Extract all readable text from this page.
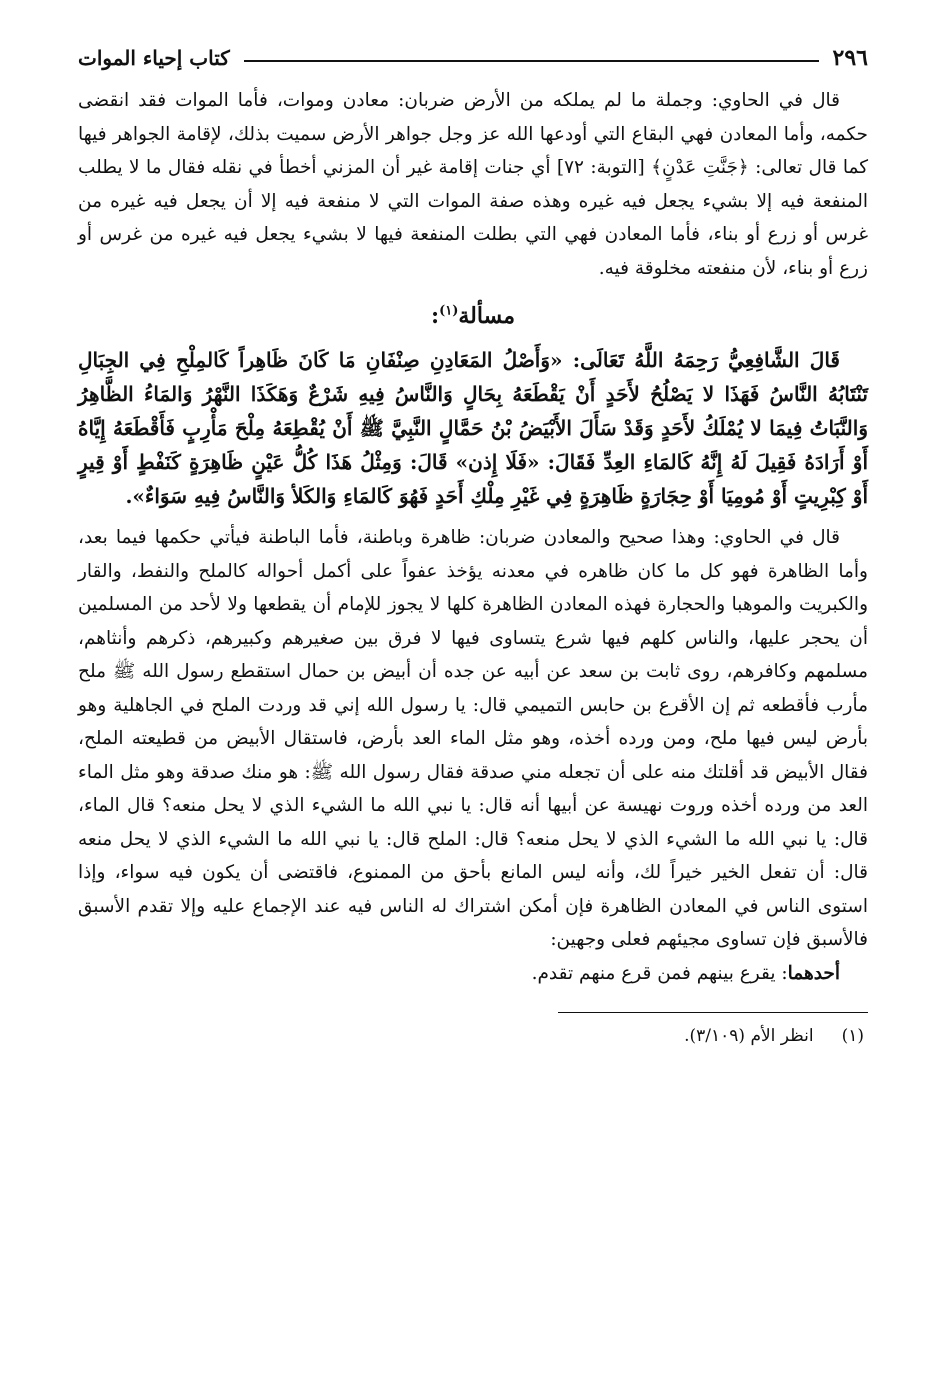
٢٩٦
كتاب إحياء الموات

قال في الحاوي: وجملة ما لم يملكه من الأرض ضربان: معادن وموات، فأما الموات فقد انقضى حكمه، وأما المعادن فهي البقاع التي أودعها الله عز وجل جواهر الأرض سميت بذلك، لإقامة الجواهر فيها كما قال تعالى: ﴿جَنَّتِ عَدْنٍ﴾ [التوبة: ٧٢] أي جنات إقامة غير أن المزني أخطأ في نقله فقال ما لا يطلب المنفعة فيه إلا بشيء يجعل فيه غيره وهذه صفة الموات التي لا منفعة فيه إلا أن يجعل فيه غيره من غرس أو زرع أو بناء، فأما المعادن فهي التي بطلت المنفعة فيها لا بشيء يجعل فيه غيره من غرس أو زرع أو بناء، لأن منفعته مخلوقة فيه.

مسألة$^{(١)}$:

قَالَ الشَّافِعِيُّ رَحِمَهُ اللَّهُ تَعَالَى: «وَأَصْلُ المَعَادِنِ صِنْفَانِ مَا كَانَ ظَاهِراً كَالمِلْحِ فِي الجِبَالِ تَنْتَابُهُ النَّاسُ فَهَذَا لا يَصْلُحُ لأَحَدٍ أَنْ يَقْطَعَهُ بِحَالٍ وَالنَّاسُ فِيهِ شَرْعٌ وَهَكَذَا النَّهْرُ وَالمَاءُ الظَّاهِرُ وَالنَّبَاتُ فِيمَا لا يُمْلَكُ لأَحَدٍ وَقَدْ سَأَلَ الأَبْيَضُ بْنُ حَمَّالٍ النَّبِيَّ ﷺ أَنْ يُقْطِعَهُ مِلْحَ مَأْرِبٍ فَأَقْطَعَهُ إِيَّاهُ أَوْ أَرَادَهُ فَقِيلَ لَهُ إِنَّهُ كَالمَاءِ العِدِّ فَقَالَ: «فَلَا إِذن» قَالَ: وَمِثْلُ هَذَا كُلُّ عَيْنٍ ظَاهِرَةٍ كَنَفْطٍ أَوْ قِيرٍ أَوْ كِبْرِيتٍ أَوْ مُومِيَا أَوْ حِجَارَةٍ ظَاهِرَةٍ فِي غَيْرِ مِلْكِ أَحَدٍ فَهُوَ كَالمَاءِ وَالكَلأ وَالنَّاسُ فِيهِ سَوَاءٌ».

قال في الحاوي: وهذا صحيح والمعادن ضربان: ظاهرة وباطنة، فأما الباطنة فيأتي حكمها فيما بعد، وأما الظاهرة فهو كل ما كان ظاهره في معدنه يؤخذ عفواً على أكمل أحواله كالملح والنفط، والقار والكبريت والموهبا والحجارة فهذه المعادن الظاهرة كلها لا يجوز للإمام أن يقطعها ولا لأحد من المسلمين أن يحجر عليها، والناس كلهم فيها شرع يتساوى فيها لا فرق بين صغيرهم وكبيرهم، ذكرهم وأنثاهم، مسلمهم وكافرهم، روى ثابت بن سعد عن أبيه عن جده أن أبيض بن حمال استقطع رسول الله ﷺ ملح مأرب فأقطعه ثم إن الأقرع بن حابس التميمي قال: يا رسول الله إني قد وردت الملح في الجاهلية وهو بأرض ليس فيها ملح، ومن ورده أخذه، وهو مثل الماء العد بأرض، فاستقال الأبيض من قطيعته الملح، فقال الأبيض قد أقلتك منه على أن تجعله مني صدقة فقال رسول الله ﷺ: هو منك صدقة وهو مثل الماء العد من ورده أخذه وروت نهيسة عن أبيها أنه قال: يا نبي الله ما الشيء الذي لا يحل منعه؟ قال الماء، قال: يا نبي الله ما الشيء الذي لا يحل منعه؟ قال: الملح قال: يا نبي الله ما الشيء الذي لا يحل منعه قال: أن تفعل الخير خيراً لك، وأنه ليس المانع بأحق من الممنوع، فاقتضى أن يكون فيه سواء، وإذا استوى الناس في المعادن الظاهرة فإن أمكن اشتراك له الناس فيه عند الإجماع عليه وإلا تقدم الأسبق فالأسبق فإن تساوى مجيئهم فعلى وجهين:

أحدهما: يقرع بينهم فمن قرع منهم تقدم.

(١)
انظر الأم (٣/١٠٩).
